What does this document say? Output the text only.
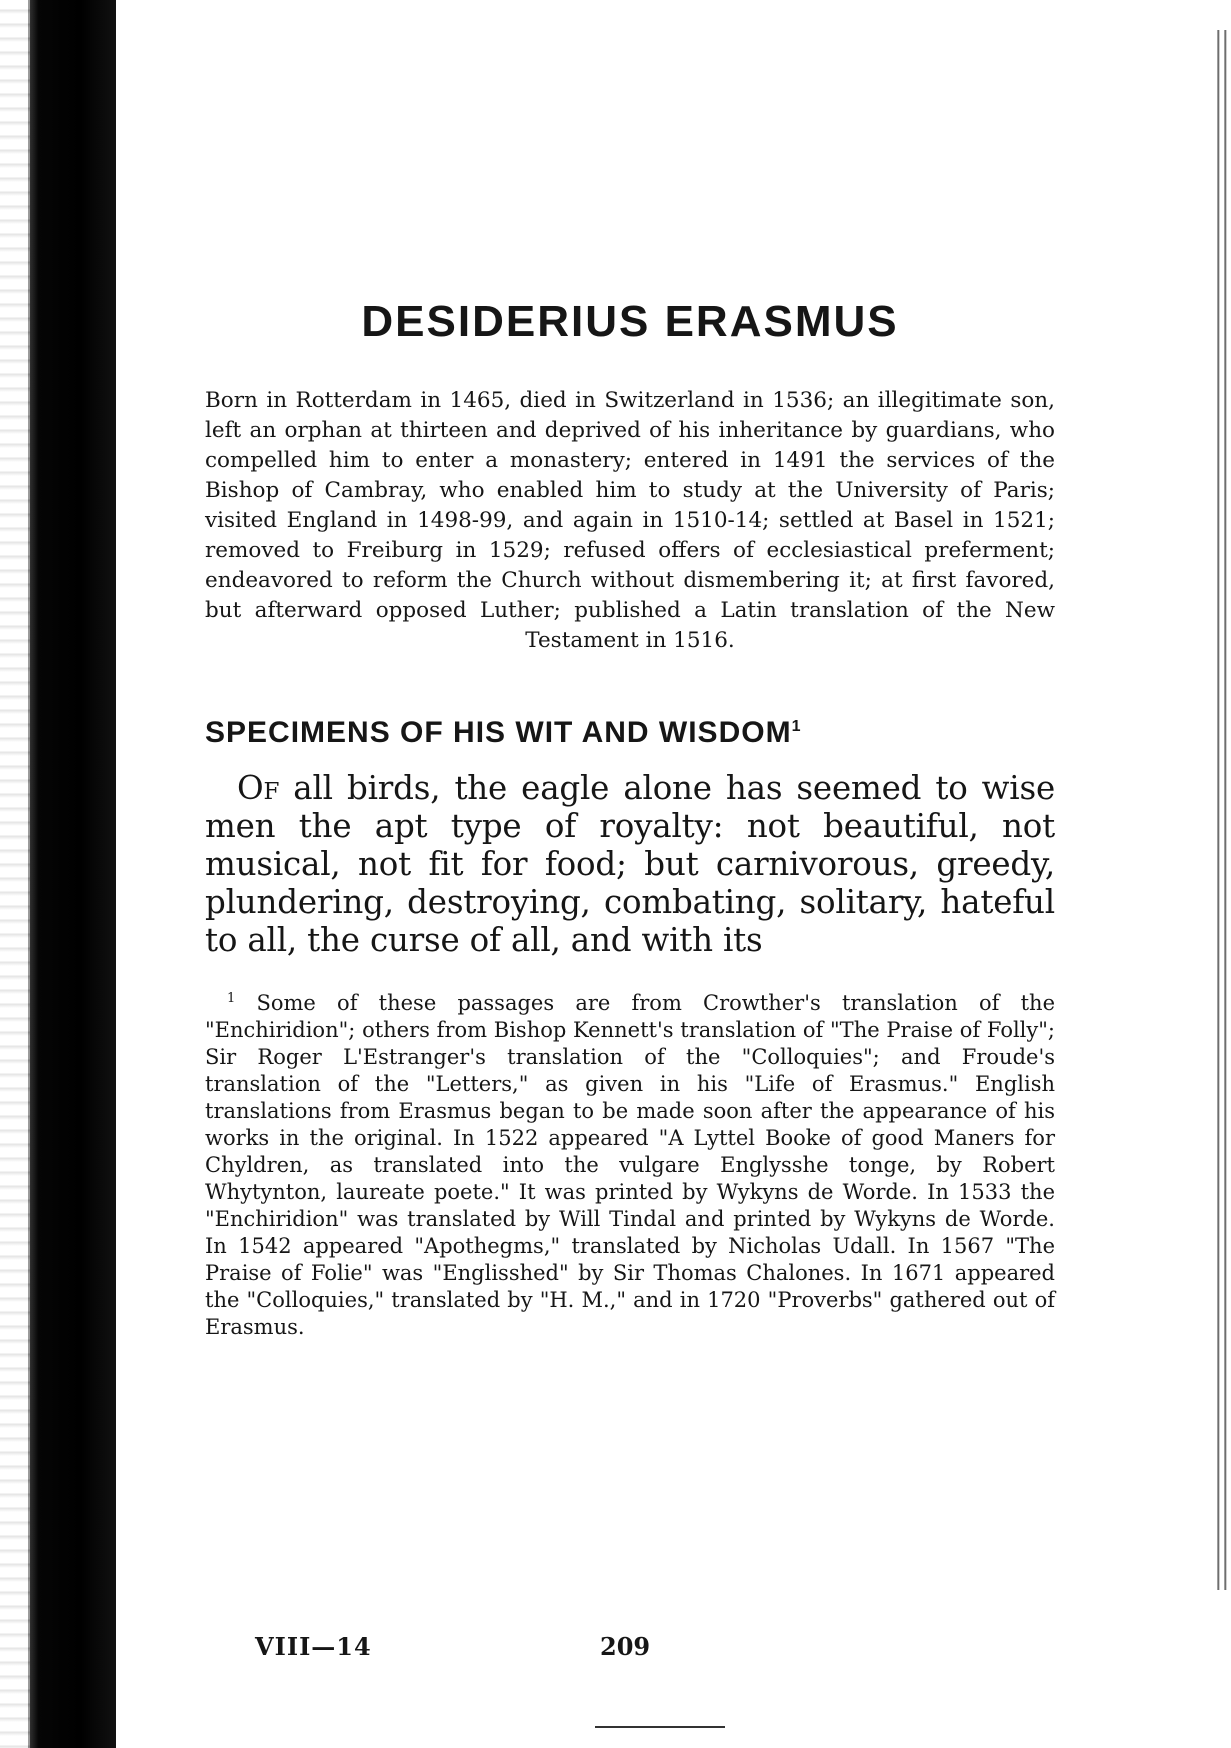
DESIDERIUS ERASMUS

Born in Rotterdam in 1465, died in Switzerland in 1536; an illegitimate son, left an orphan at thirteen and deprived of his inheritance by guardians, who compelled him to enter a monastery; entered in 1491 the services of the Bishop of Cambray, who enabled him to study at the University of Paris; visited England in 1498-99, and again in 1510-14; settled at Basel in 1521; removed to Freiburg in 1529; refused offers of ecclesiastical preferment; endeavored to reform the Church without dismembering it; at first favored, but afterward opposed Luther; published a Latin translation of the New Testament in 1516.

SPECIMENS OF HIS WIT AND WISDOM$^1$

Of all birds, the eagle alone has seemed to wise men the apt type of royalty: not beautiful, not musical, not fit for food; but carnivorous, greedy, plundering, destroying, combating, solitary, hateful to all, the curse of all, and with its

$^1$ Some of these passages are from Crowther's translation of the "Enchiridion"; others from Bishop Kennett's translation of "The Praise of Folly"; Sir Roger L'Estranger's translation of the "Colloquies"; and Froude's translation of the "Letters," as given in his "Life of Erasmus." English translations from Erasmus began to be made soon after the appearance of his works in the original. In 1522 appeared "A Lyttel Booke of good Maners for Chyldren, as translated into the vulgare Englysshe tonge, by Robert Whytynton, laureate poete." It was printed by Wykyns de Worde. In 1533 the "Enchiridion" was translated by Will Tindal and printed by Wykyns de Worde. In 1542 appeared "Apothegms," translated by Nicholas Udall. In 1567 "The Praise of Folie" was "Englisshed" by Sir Thomas Chalones. In 1671 appeared the "Colloquies," translated by "H. M.," and in 1720 "Proverbs" gathered out of Erasmus.

VIII—14	209
